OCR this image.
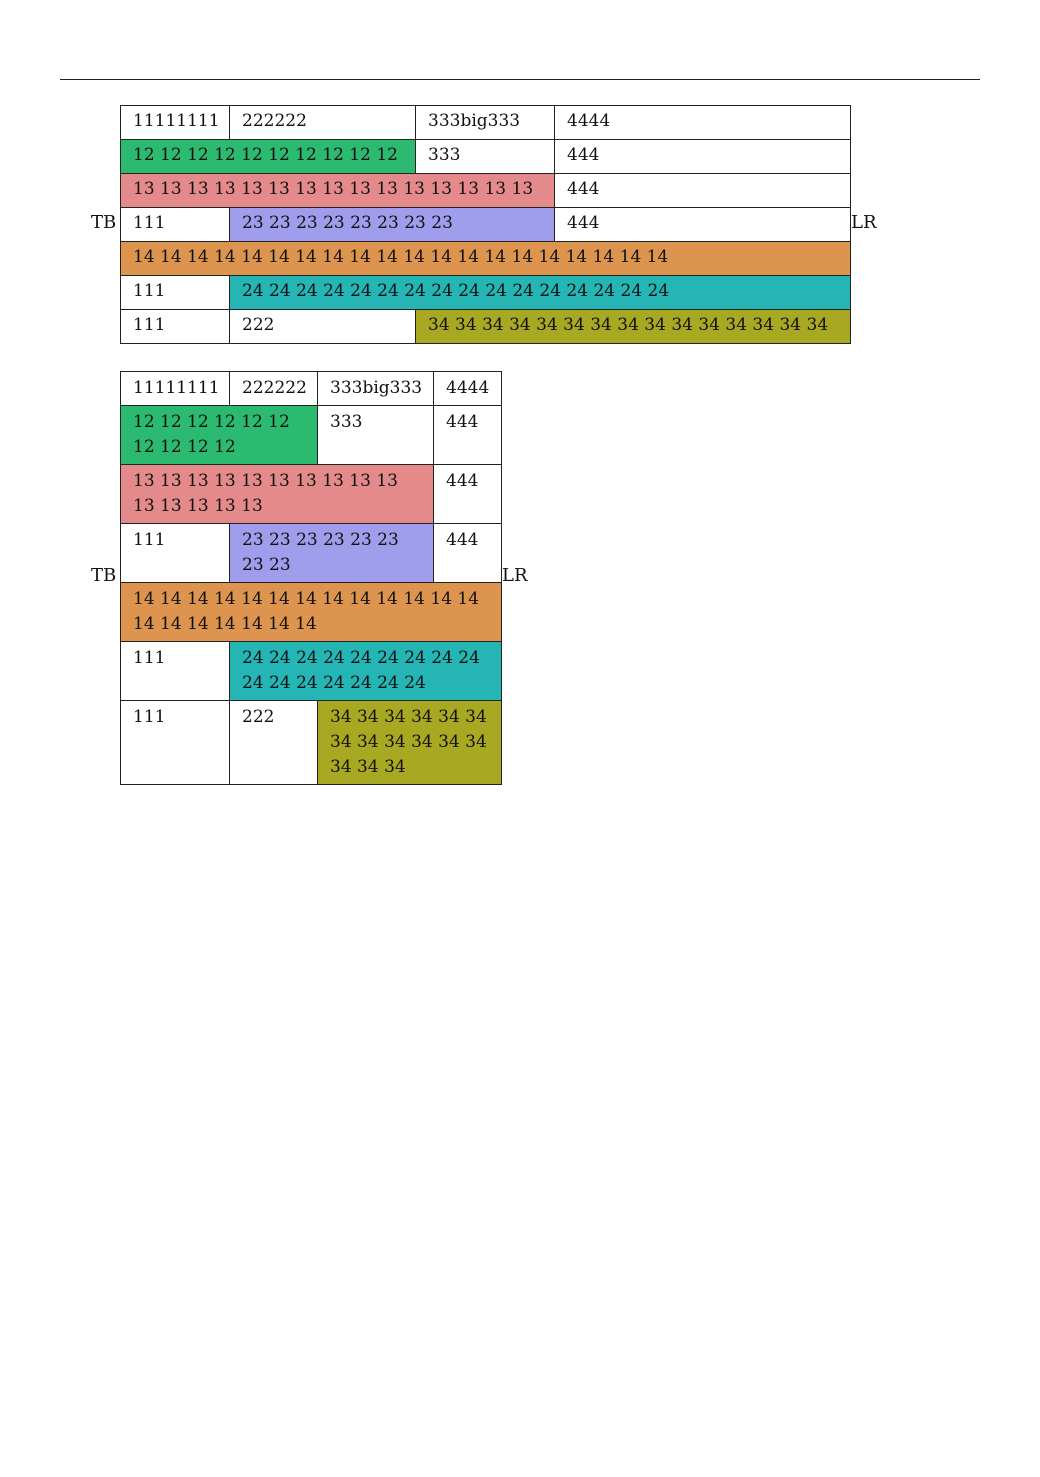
TB	LR
11111111	222222	333big333	4444
12 12 12 12 12 12 12 12 12 12		333	444
13 13 13 13 13 13 13 13 13 13 13 13 13 13 13			444
111	23 23 23 23 23 23 23 23		444
14 14 14 14 14 14 14 14 14 14 14 14 14 14 14 14 14 14 14 14			
111	24 24 24 24 24 24 24 24 24 24 24 24 24 24 24 24		
111	222	34 34 34 34 34 34 34 34 34 34 34 34 34 34 34	
TB	LR
11111111	222222	333big333	4444
12 12 12 12 12 12 12 12 12 12		333	444
13 13 13 13 13 13 13 13 13 13 13 13 13 13 13			444
111	23 23 23 23 23 23 23 23		444
14 14 14 14 14 14 14 14 14 14 14 14 14 14 14 14 14 14 14 14			
111	24 24 24 24 24 24 24 24 24 24 24 24 24 24 24 24		
111	222	34 34 34 34 34 34 34 34 34 34 34 34 34 34 34	
